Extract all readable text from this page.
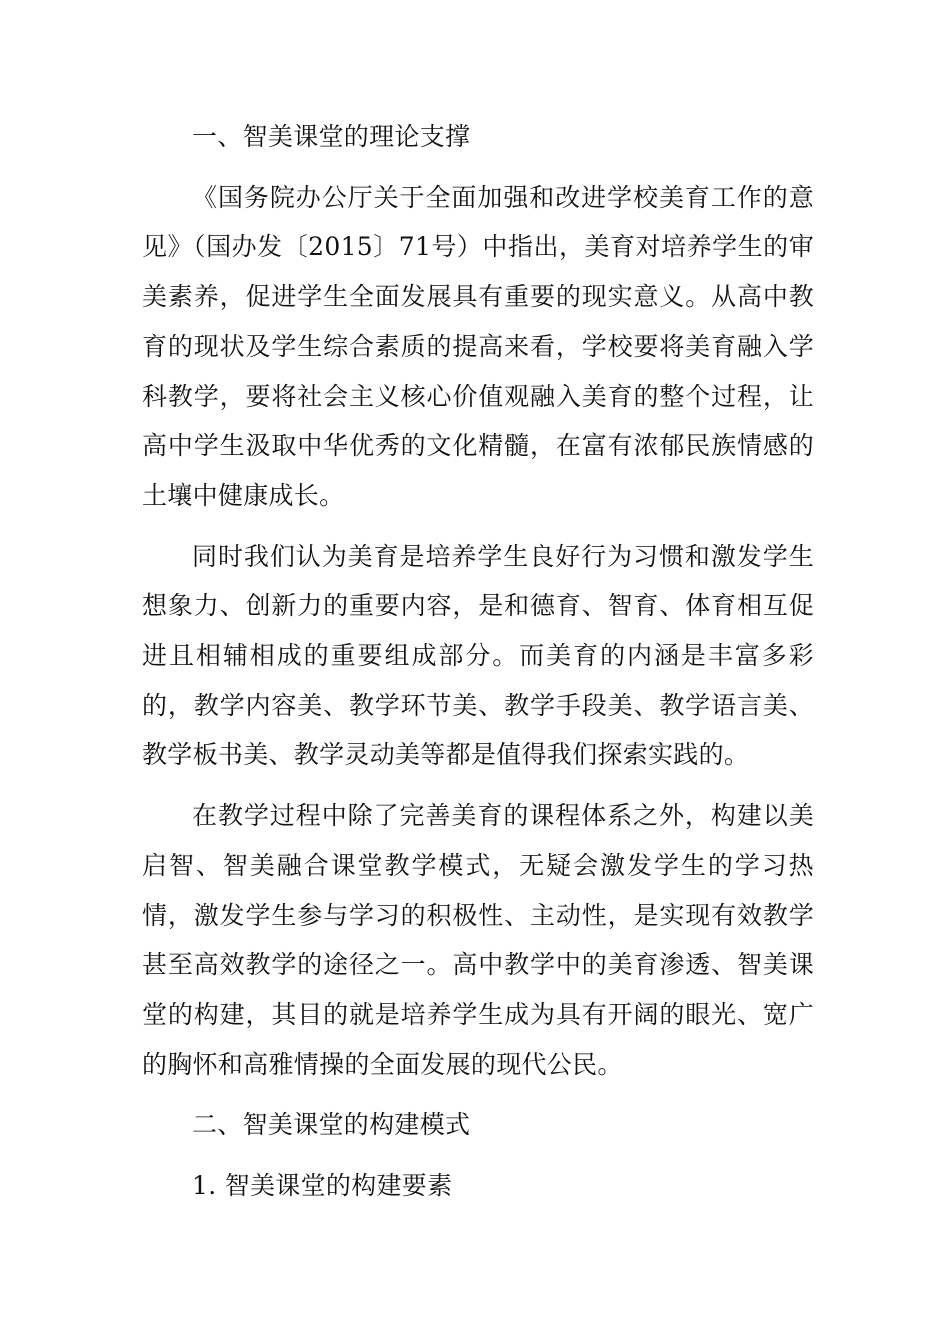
一、智美课堂的理论支撑

《国务院办公厅关于全面加强和改进学校美育工作的意见》（国办发〔2015〕71号）中指出，美育对培养学生的审美素养，促进学生全面发展具有重要的现实意义。从高中教育的现状及学生综合素质的提高来看，学校要将美育融入学科教学，要将社会主义核心价值观融入美育的整个过程，让高中学生汲取中华优秀的文化精髓，在富有浓郁民族情感的土壤中健康成长。

同时我们认为美育是培养学生良好行为习惯和激发学生想象力、创新力的重要内容，是和德育、智育、体育相互促进且相辅相成的重要组成部分。而美育的内涵是丰富多彩的，教学内容美、教学环节美、教学手段美、教学语言美、教学板书美、教学灵动美等都是值得我们探索实践的。

在教学过程中除了完善美育的课程体系之外，构建以美启智、智美融合课堂教学模式，无疑会激发学生的学习热情，激发学生参与学习的积极性、主动性，是实现有效教学甚至高效教学的途径之一。高中教学中的美育渗透、智美课堂的构建，其目的就是培养学生成为具有开阔的眼光、宽广的胸怀和高雅情操的全面发展的现代公民。

二、智美课堂的构建模式

1. 智美课堂的构建要素
